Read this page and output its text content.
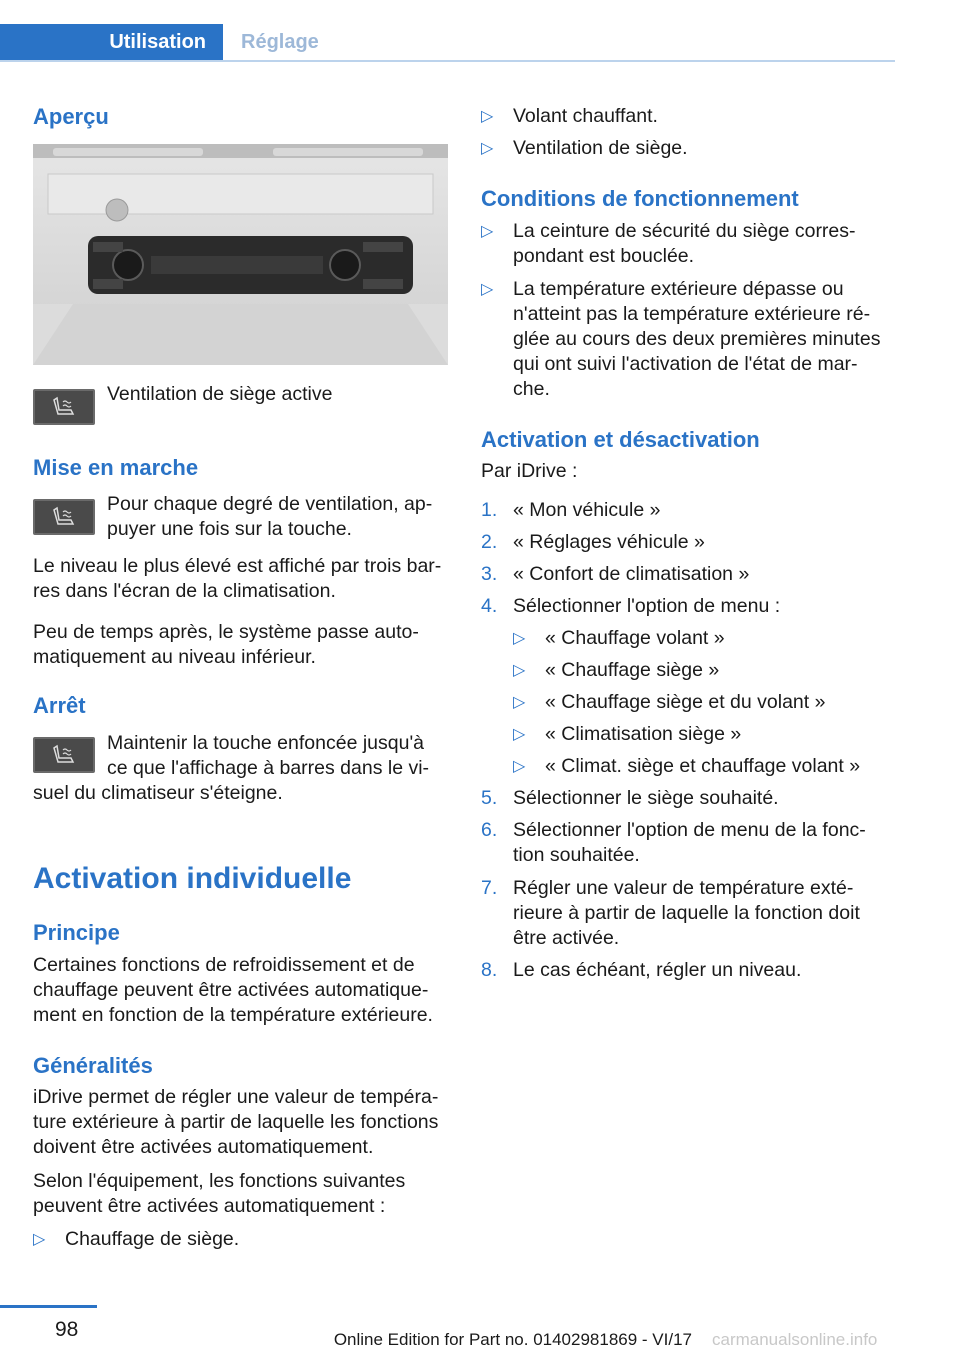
Utilisation	Réglage
Aperçu

Ventilation de siège active

Mise en marche

Pour chaque degré de ventilation, ap-

puyer une fois sur la touche.

Le niveau le plus élevé est affiché par trois bar-

res dans l'écran de la climatisation.

Peu de temps après, le système passe auto-

matiquement au niveau inférieur.

Arrêt

Maintenir la touche enfoncée jusqu'à

ce que l'affichage à barres dans le vi-

suel du climatiseur s'éteigne.

Activation individuelle
Principe

Certaines fonctions de refroidissement et de

chauffage peuvent être activées automatique-

ment en fonction de la température extérieure.

Généralités

iDrive permet de régler une valeur de tempéra-

ture extérieure à partir de laquelle les fonctions

doivent être activées automatiquement.

Selon l'équipement, les fonctions suivantes

peuvent être activées automatiquement :

▷	Chauffage de siège.
▷	Volant chauffant.
▷	Ventilation de siège.
Conditions de fonctionnement
▷	La ceinture de sécurité du siège corres-
pondant est bouclée.
▷	La température extérieure dépasse ou
n'atteint pas la température extérieure ré-
glée au cours des deux premières minutes
qui ont suivi l'activation de l'état de mar-
che.
Activation et désactivation

Par iDrive :

1. « Mon véhicule »
2. « Réglages véhicule »
3. « Confort de climatisation »
4. Sélectionner l'option de menu :
▷	« Chauffage volant »
▷	« Chauffage siège »
▷	« Chauffage siège et du volant »
▷	« Climatisation siège »
▷	« Climat. siège et chauffage volant »
5. Sélectionner le siège souhaité.
6. Sélectionner l'option de menu de la fonc-
tion souhaitée.
7. Régler une valeur de température exté-
rieure à partir de laquelle la fonction doit
être activée.
8. Le cas échéant, régler un niveau.
98	Online Edition for Part no. 01402981869 - VI/17 carmanualsonline.info
